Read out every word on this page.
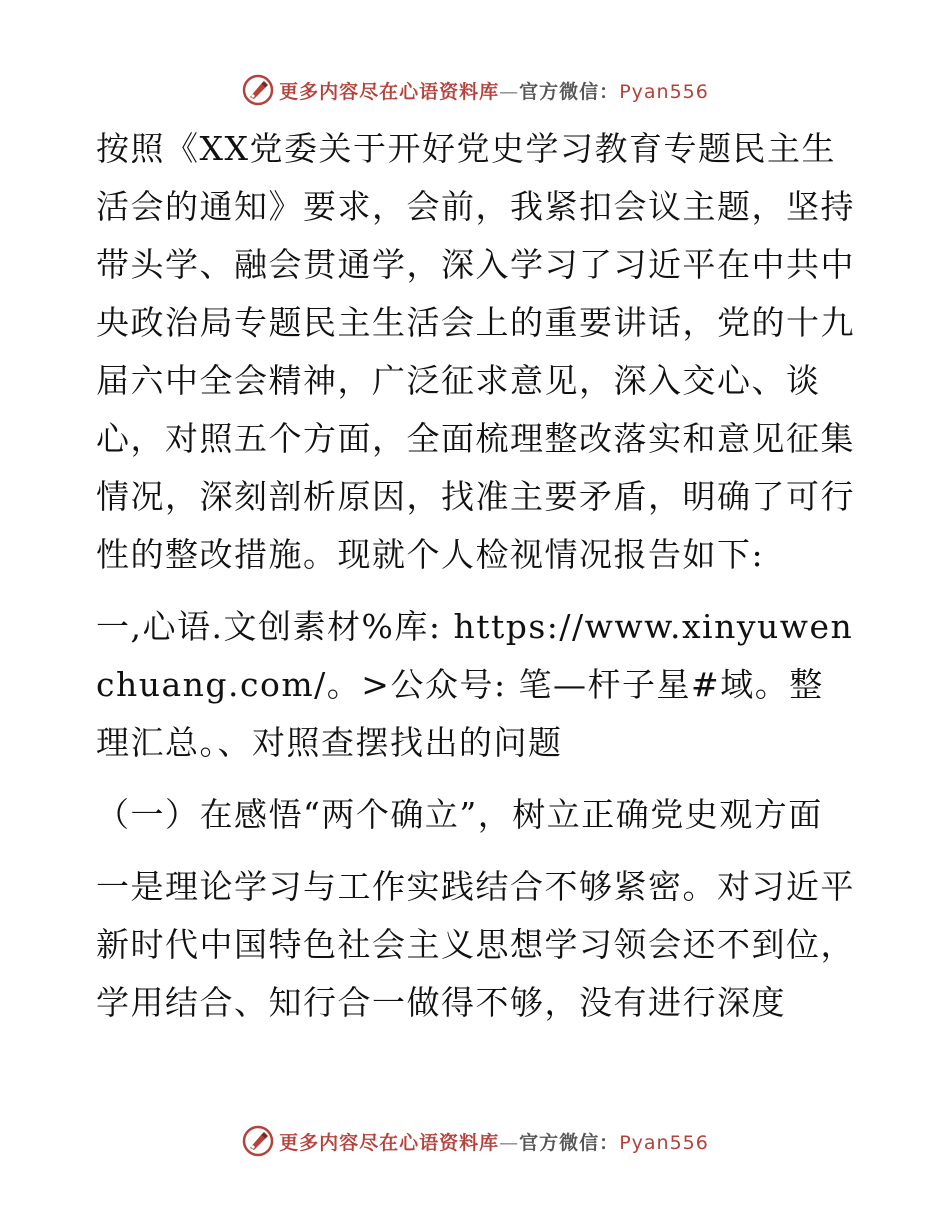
更多内容尽在心语资料库—官方微信：Pyan556

按照《XX党委关于开好党史学习教育专题民主生活会的通知》要求，会前，我紧扣会议主题，坚持带头学、融会贯通学，深入学习了习近平在中共中央政治局专题民主生活会上的重要讲话，党的十九届六中全会精神，广泛征求意见，深入交心、谈心，对照五个方面，全面梳理整改落实和意见征集情况，深刻剖析原因，找准主要矛盾，明确了可行性的整改措施。现就个人检视情况报告如下:

一,心语.文创素材%库: https://www.xinyuwenchuang.com/。>公众号: 笔—杆子星#域。整理汇总。、对照查摆找出的问题

（一）在感悟“两个确立”，树立正确党史观方面

一是理论学习与工作实践结合不够紧密。对习近平新时代中国特色社会主义思想学习领会还不到位，学用结合、知行合一做得不够，没有进行深度

更多内容尽在心语资料库—官方微信：Pyan556
